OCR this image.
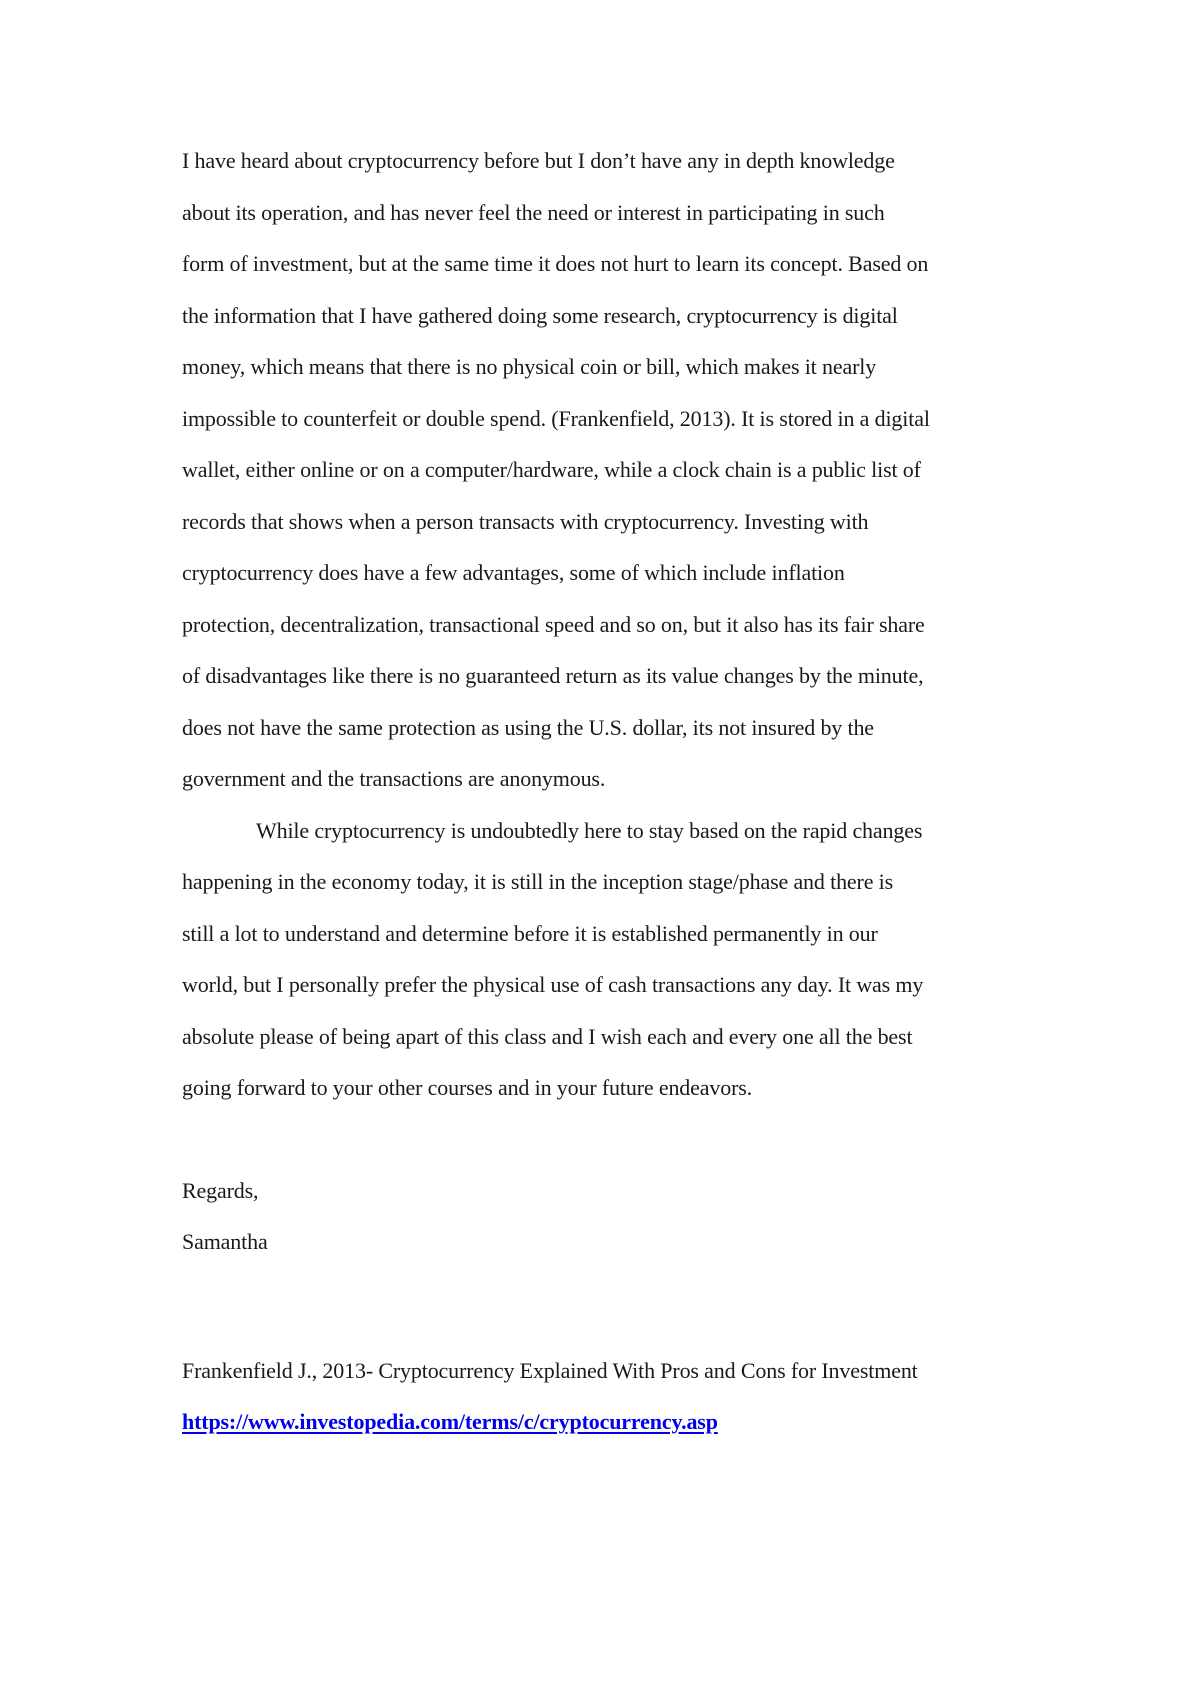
I have heard about cryptocurrency before but I don’t have any in depth knowledge
about its operation, and has never feel the need or interest in participating in such
form of investment, but at the same time it does not hurt to learn its concept. Based on
the information that I have gathered doing some research, cryptocurrency is digital
money, which means that there is no physical coin or bill, which makes it nearly
impossible to counterfeit or double spend. (Frankenfield, 2013). It is stored in a digital
wallet, either online or on a computer/hardware, while a clock chain is a public list of
records that shows when a person transacts with cryptocurrency. Investing with
cryptocurrency does have a few advantages, some of which include inflation
protection, decentralization, transactional speed and so on, but it also has its fair share
of disadvantages like there is no guaranteed return as its value changes by the minute,
does not have the same protection as using the U.S. dollar, its not insured by the
government and the transactions are anonymous.
While cryptocurrency is undoubtedly here to stay based on the rapid changes
happening in the economy today, it is still in the inception stage/phase and there is
still a lot to understand and determine before it is established permanently in our
world, but I personally prefer the physical use of cash transactions any day. It was my
absolute please of being apart of this class and I wish each and every one all the best
going forward to your other courses and in your future endeavors.
Regards,
Samantha
Frankenfield J., 2013- Cryptocurrency Explained With Pros and Cons for Investment
https://www.investopedia.com/terms/c/cryptocurrency.asp
